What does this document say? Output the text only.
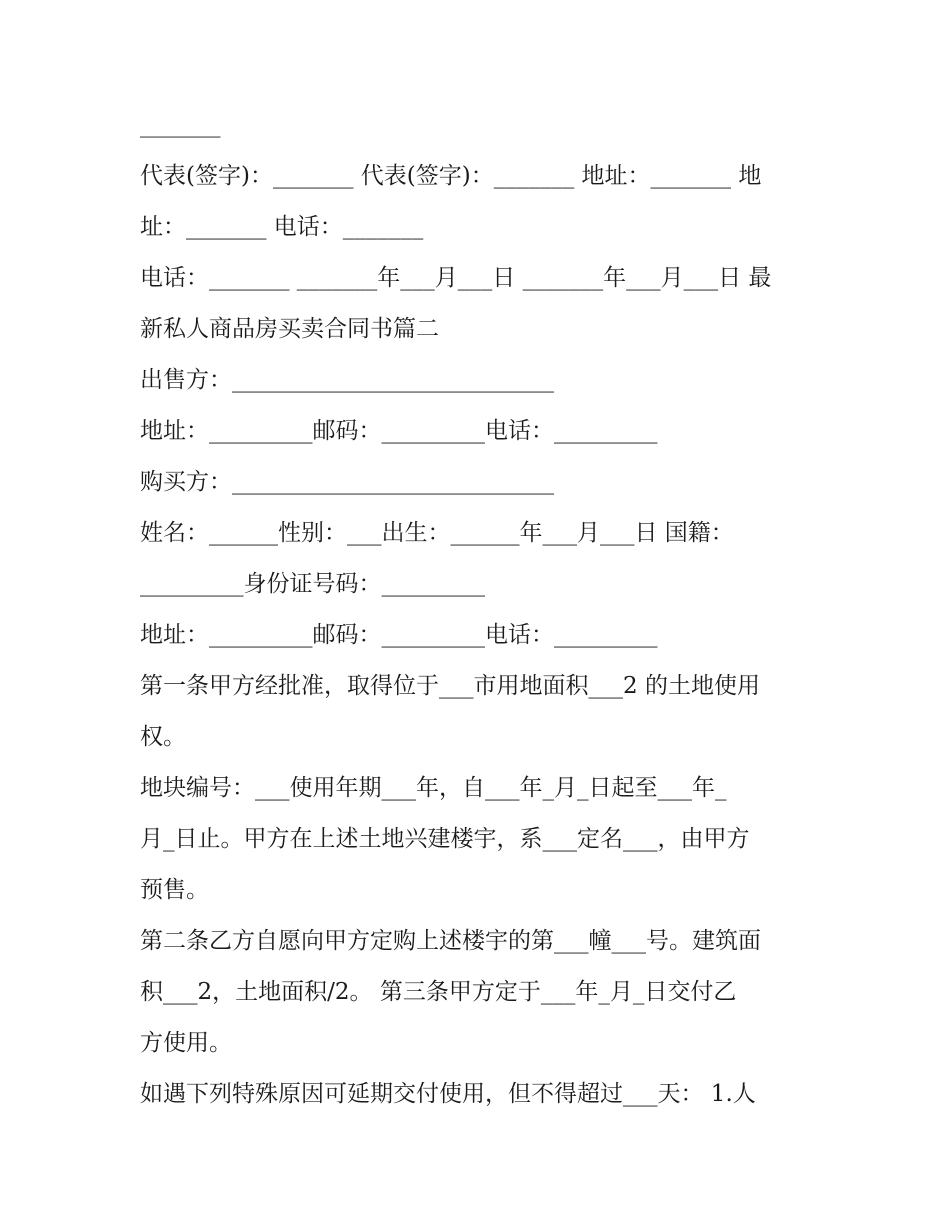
_______
代表(签字)：_______ 代表(签字)：_______ 地址：_______ 地
址：_______ 电话：_______
电话：_______ _______年___月___日 _______年___月___日 最
新私人商品房买卖合同书篇二
出售方：____________________________
地址：_________邮码：_________电话：_________
购买方：____________________________
姓名：______性别：___出生：______年___月___日 国籍：
_________身份证号码：_________
地址：_________邮码：_________电话：_________
第一条甲方经批准，取得位于___市用地面积___2 的土地使用
权。
地块编号：___使用年期___年，自___年_月_日起至___年_
月_日止。甲方在上述土地兴建楼宇，系___定名___，由甲方
预售。
第二条乙方自愿向甲方定购上述楼宇的第___幢___号。建筑面
积___2，土地面积/2。 第三条甲方定于___年_月_日交付乙
方使用。
如遇下列特殊原因可延期交付使用，但不得超过___天： 1.人
